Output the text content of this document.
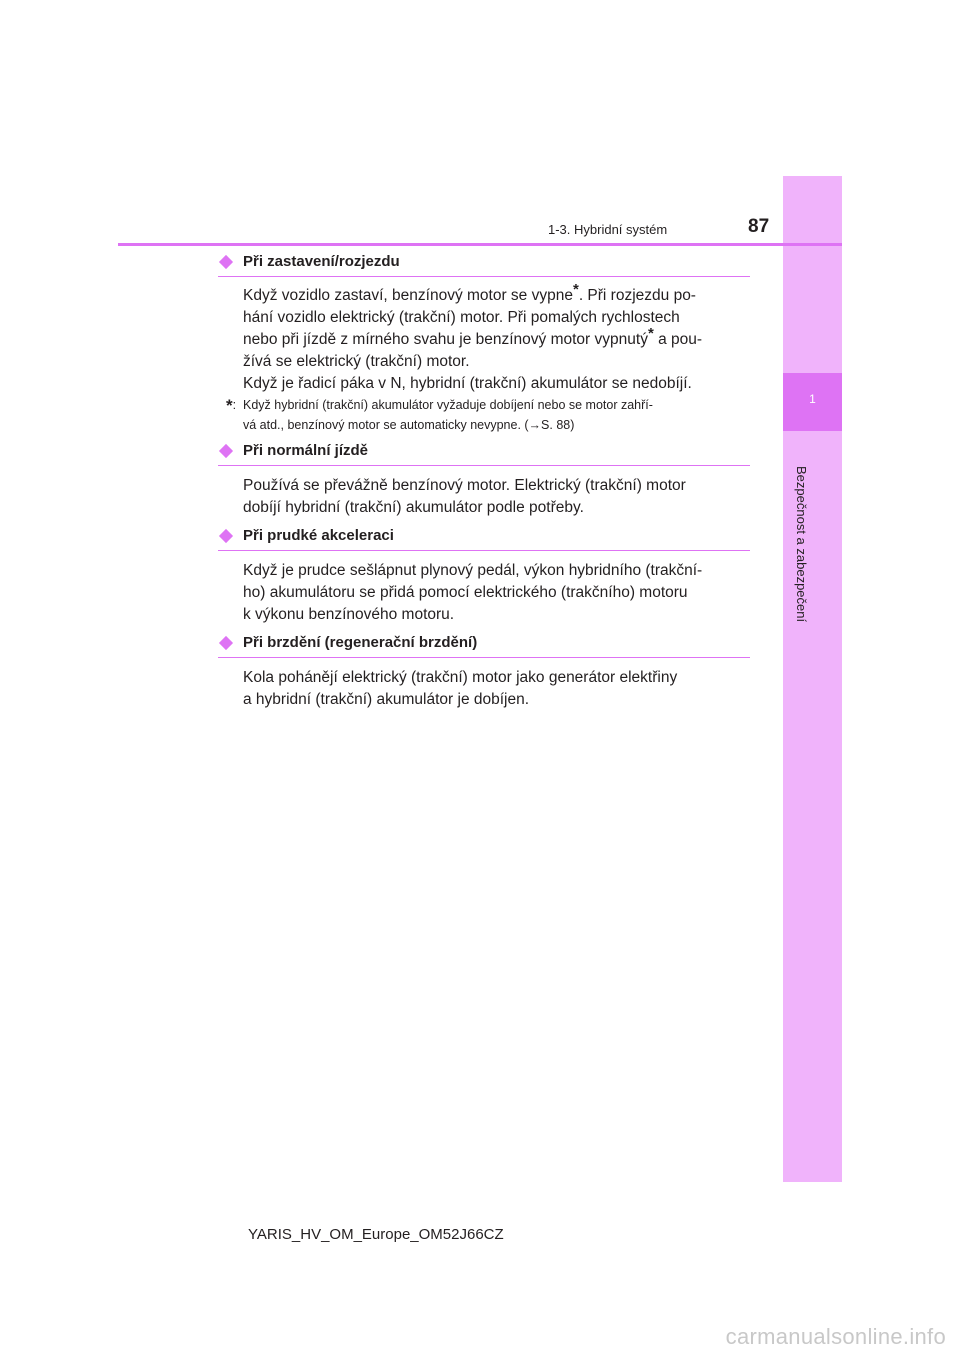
1
Bezpečnost a zabezpečení
1-3. Hybridní systém	87
Při zastavení/rozjezdu

Když vozidlo zastaví, benzínový motor se vypne*. Při rozjezdu po-
hání vozidlo elektrický (trakční) motor. Při pomalých rychlostech
nebo při jízdě z mírného svahu je benzínový motor vypnutý* a pou-
žívá se elektrický (trakční) motor.
Když je řadicí páka v N, hybridní (trakční) akumulátor se nedobíjí.

*: Když hybridní (trakční) akumulátor vyžaduje dobíjení nebo se motor zahří-
vá atd., benzínový motor se automaticky nevypne. (→S. 88)
Při normální jízdě

Používá se převážně benzínový motor. Elektrický (trakční) motor
dobíjí hybridní (trakční) akumulátor podle potřeby.

Při prudké akceleraci

Když je prudce sešlápnut plynový pedál, výkon hybridního (trakční-
ho) akumulátoru se přidá pomocí elektrického (trakčního) motoru
k výkonu benzínového motoru.

Při brzdění (regenerační brzdění)

Kola pohánějí elektrický (trakční) motor jako generátor elektřiny
a hybridní (trakční) akumulátor je dobíjen.

YARIS_HV_OM_Europe_OM52J66CZ
carmanualsonline.info
